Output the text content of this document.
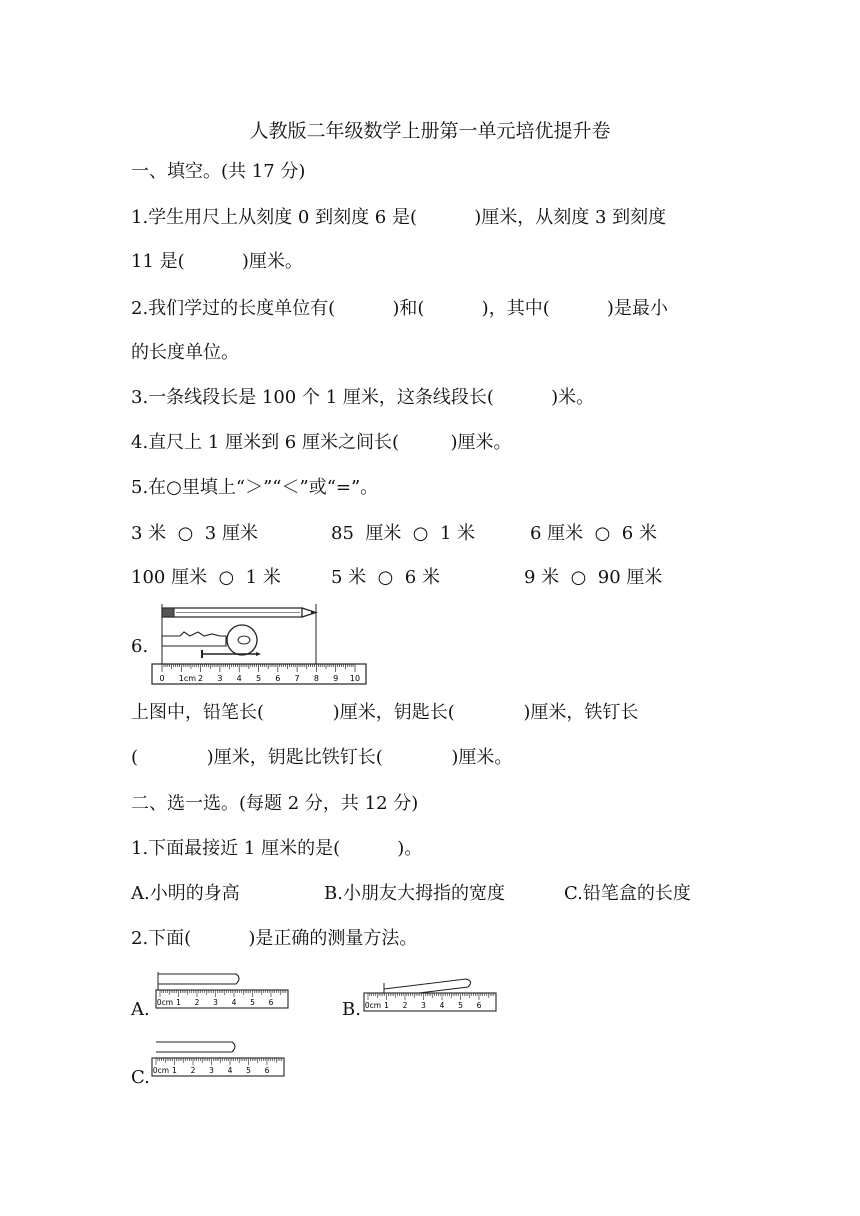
人教版二年级数学上册第一单元培优提升卷
一、填空。(共 17 分)
1.学生用尺上从刻度 0 到刻度 6 是(          )厘米，从刻度 3 到刻度
11 是(          )厘米。
2.我们学过的长度单位有(          )和(          )，其中(          )是最小
的长度单位。
3.一条线段长是 100 个 1 厘米，这条线段长(          )米。
4.直尺上 1 厘米到 6 厘米之间长(         )厘米。
5.在○里填上“＞”“＜”或“=”。
3 米  ○  3 厘米	85  厘米  ○  1 米	6 厘米  ○  6 米
100 厘米  ○  1 米	5 米  ○  6 米	9 米  ○  90 厘米
6.
0 1 cm 2 3 4 5 6 7 8 9 10
上图中，铅笔长(            )厘米，钥匙长(            )厘米，铁钉长
(            )厘米，钥匙比铁钉长(            )厘米。
二、选一选。(每题 2 分，共 12 分)
1.下面最接近 1 厘米的是(          )。
A.小明的身高	B.小朋友大拇指的宽度	C.铅笔盒的长度
2.下面(          )是正确的测量方法。
A.	B.
C.
0cm 1 2 3 4 5 6	0cm 1 2 3 4 5 6
0cm 1 2 3 4 5 6
